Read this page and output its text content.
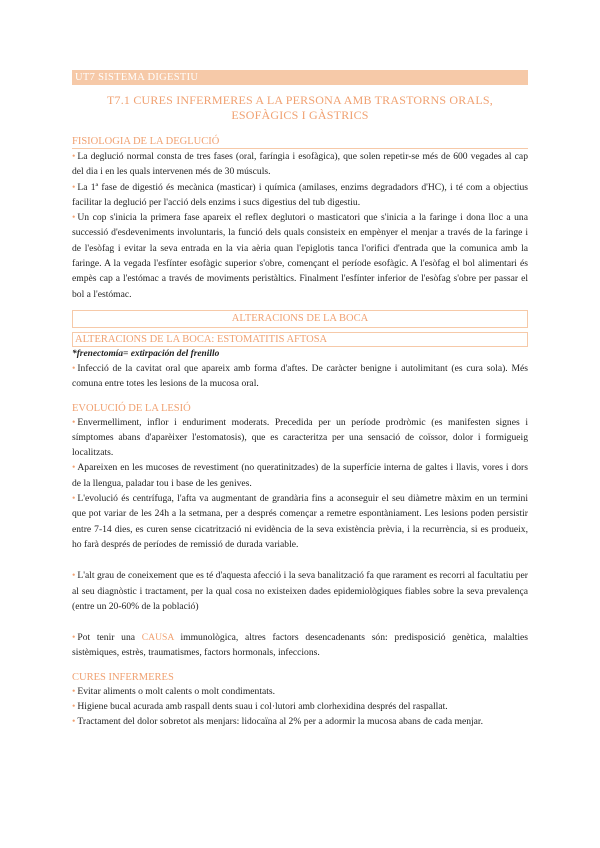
UT7 SISTEMA DIGESTIU
T7.1 CURES INFERMERES A LA PERSONA AMB TRASTORNS ORALS,
ESOFÀGICS I GÀSTRICS
FISIOLOGIA DE LA DEGLUCIÓ

• La deglució normal consta de tres fases (oral, faríngia i esofàgica), que solen repetir-se més de 600 vegades al cap del dia i en les quals intervenen més de 30 músculs.

• La 1ª fase de digestió és mecànica (masticar) i química (amilases, enzims degradadors d'HC), i té com a objectius facilitar la deglució per l'acció dels enzims i sucs digestius del tub digestiu.

• Un cop s'inicia la primera fase apareix el reflex deglutori o masticatori que s'inicia a la faringe i dona lloc a una successió d'esdeveniments involuntaris, la funció dels quals consisteix en empènyer el menjar a través de la faringe i de l'esòfag i evitar la seva entrada en la via aèria quan l'epiglotis tanca l'orifici d'entrada que la comunica amb la faringe. A la vegada l'esfínter esofàgic superior s'obre, començant el període esofàgic. A l'esòfag el bol alimentari és empès cap a l'estómac a través de moviments peristàltics. Finalment l'esfínter inferior de l'esòfag s'obre per passar el bol a l'estómac.

ALTERACIONS DE LA BOCA
ALTERACIONS DE LA BOCA: ESTOMATITIS AFTOSA
*frenectomía= extirpación del frenillo

• Infecció de la cavitat oral que apareix amb forma d'aftes. De caràcter benigne i autolimitant (es cura sola). Més comuna entre totes les lesions de la mucosa oral.

EVOLUCIÓ DE LA LESIÓ

• Envermelliment, inflor i enduriment moderats. Precedida per un període prodròmic (es manifesten signes i símptomes abans d'aparèixer l'estomatosis), que es caracteritza per una sensació de coïssor, dolor i formigueig localitzats.

• Apareixen en les mucoses de revestiment (no queratinitzades) de la superfície interna de galtes i llavis, vores i dors de la llengua, paladar tou i base de les genives.

• L'evolució és centrífuga, l'afta va augmentant de grandària fins a aconseguir el seu diàmetre màxim en un termini que pot variar de les 24h a la setmana, per a després començar a remetre espontàniament. Les lesions poden persistir entre 7-14 dies, es curen sense cicatrització ni evidència de la seva existència prèvia, i la recurrència, si es produeix, ho farà després de períodes de remissió de durada variable.

• L'alt grau de coneixement que es té d'aquesta afecció i la seva banalització fa que rarament es recorri al facultatiu per al seu diagnòstic i tractament, per la qual cosa no existeixen dades epidemiològiques fiables sobre la seva prevalença (entre un 20-60% de la població)

• Pot tenir una CAUSA immunològica, altres factors desencadenants són: predisposició genètica, malalties sistèmiques, estrès, traumatismes, factors hormonals, infeccions.

CURES INFERMERES

• Evitar aliments o molt calents o molt condimentats.

• Higiene bucal acurada amb raspall dents suau i col·lutori amb clorhexidina després del raspallat.

• Tractament del dolor sobretot als menjars: lidocaïna al 2% per a adormir la mucosa abans de cada menjar.
